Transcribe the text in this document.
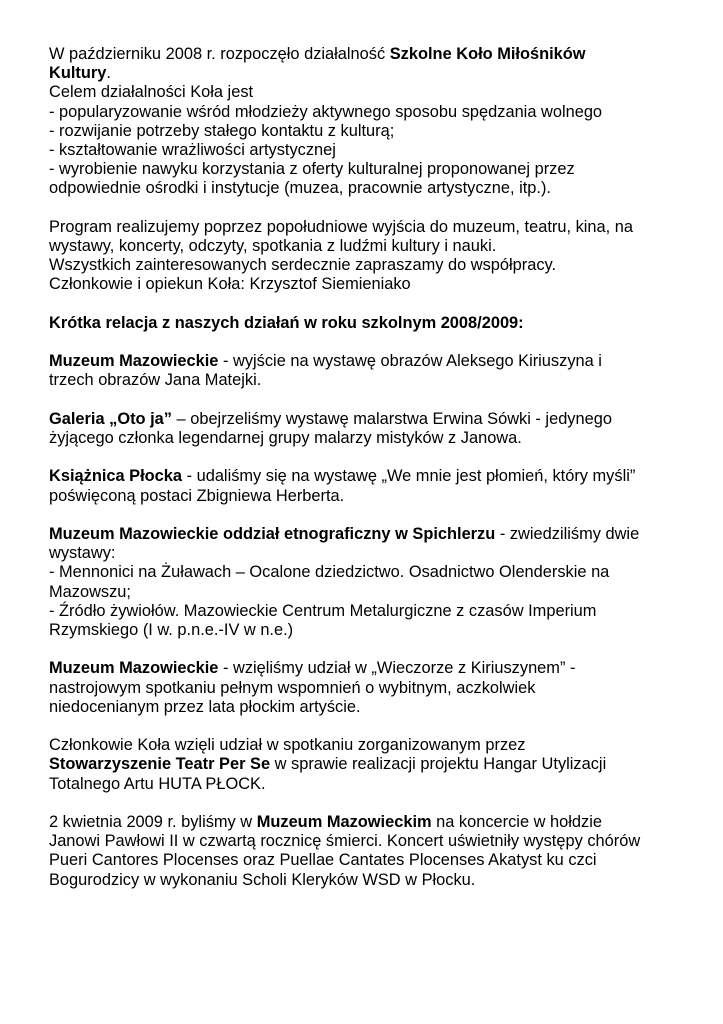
W październiku 2008 r. rozpoczęło działalność Szkolne Koło Miłośników
Kultury.
Celem działalności Koła jest
- popularyzowanie wśród młodzieży aktywnego sposobu spędzania wolnego
- rozwijanie potrzeby stałego kontaktu z kulturą;
- kształtowanie wrażliwości artystycznej
- wyrobienie nawyku korzystania z oferty kulturalnej proponowanej przez
odpowiednie ośrodki i instytucje (muzea, pracownie artystyczne, itp.).
Program realizujemy poprzez popołudniowe wyjścia do muzeum, teatru, kina, na
wystawy, koncerty, odczyty, spotkania z ludźmi kultury i nauki.
Wszystkich zainteresowanych serdecznie zapraszamy do współpracy.
Członkowie i opiekun Koła: Krzysztof Siemieniako
Krótka relacja z naszych działań w roku szkolnym 2008/2009:
Muzeum Mazowieckie - wyjście na wystawę obrazów Aleksego Kiriuszyna i
trzech obrazów Jana Matejki.
Galeria „Oto ja” – obejrzeliśmy wystawę malarstwa Erwina Sówki - jedynego
żyjącego członka legendarnej grupy malarzy mistyków z Janowa.
Książnica Płocka - udaliśmy się na wystawę „We mnie jest płomień, który myśli”
poświęconą postaci Zbigniewa Herberta.
Muzeum Mazowieckie oddział etnograficzny w Spichlerzu - zwiedziliśmy dwie
wystawy:
- Mennonici na Żuławach – Ocalone dziedzictwo. Osadnictwo Olenderskie na
Mazowszu;
- Źródło żywiołów. Mazowieckie Centrum Metalurgiczne z czasów Imperium
Rzymskiego (I w. p.n.e.-IV w n.e.)
Muzeum Mazowieckie - wzięliśmy udział w „Wieczorze z Kiriuszynem” -
nastrojowym spotkaniu pełnym wspomnień o wybitnym, aczkolwiek
niedocenianym przez lata płockim artyście.
Członkowie Koła wzięli udział w spotkaniu zorganizowanym przez
Stowarzyszenie Teatr Per Se w sprawie realizacji projektu Hangar Utylizacji
Totalnego Artu HUTA PŁOCK.
2 kwietnia 2009 r. byliśmy w Muzeum Mazowieckim na koncercie w hołdzie
Janowi Pawłowi II w czwartą rocznicę śmierci. Koncert uświetniły występy chórów
Pueri Cantores Plocenses oraz Puellae Cantates Plocenses Akatyst ku czci
Bogurodzicy w wykonaniu Scholi Kleryków WSD w Płocku.
